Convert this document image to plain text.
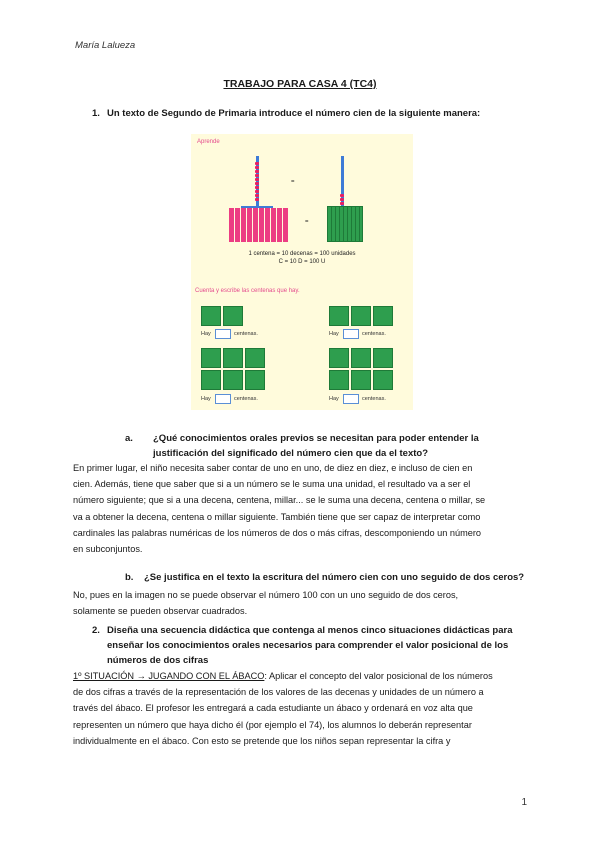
María Lalueza
TRABAJO PARA CASA 4 (TC4)
1. Un texto de Segundo de Primaria introduce el número cien de la siguiente manera:
Aprende
=
=
1 centena = 10 decenas = 100 unidades
C = 10 D = 100 U
Cuenta y escribe las centenas que hay.
Hay	centenas.	Hay	centenas.
Hay	centenas.	Hay	centenas.
a. ¿Qué conocimientos orales previos se necesitan para poder entender la
justificación del significado del número cien que da el texto?
En primer lugar, el niño necesita saber contar de uno en uno, de diez en diez, e incluso de cien en
cien. Además, tiene que saber que si a un número se le suma una unidad, el resultado va a ser el
número siguiente; que si a una decena, centena, millar... se le suma una decena, centena o millar, se
va a obtener la decena, centena o millar siguiente. También tiene que ser capaz de interpretar como
cardinales las palabras numéricas de los números de dos o más cifras, descomponiendo un número
en subconjuntos.
b. ¿Se justifica en el texto la escritura del número cien con uno seguido de dos ceros?
No, pues en la imagen no se puede observar el número 100 con un uno seguido de dos ceros,
solamente se pueden observar cuadrados.
2. Diseña una secuencia didáctica que contenga al menos cinco situaciones didácticas para
enseñar los conocimientos orales necesarios para comprender el valor posicional de los
números de dos cifras
1º SITUACIÓN → JUGANDO CON EL ÁBACO: Aplicar el concepto del valor posicional de los números
de dos cifras a través de la representación de los valores de las decenas y unidades de un número a
través del ábaco. El profesor les entregará a cada estudiante un ábaco y ordenará en voz alta que
representen un número que haya dicho él (por ejemplo el 74), los alumnos lo deberán representar
individualmente en el ábaco. Con esto se pretende que los niños sepan representar la cifra y
1
